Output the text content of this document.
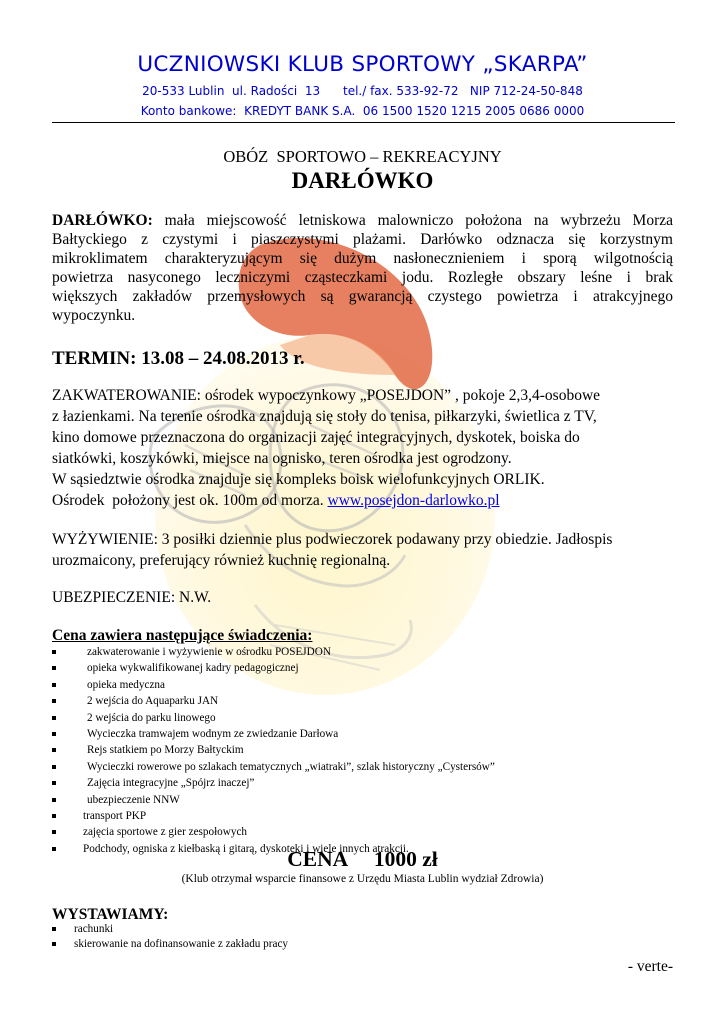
UCZNIOWSKI KLUB SPORTOWY „SKARPA”
20-533 Lublin  ul. Radości  13      tel./ fax. 533-92-72   NIP 712-24-50-848
Konto bankowe:  KREDYT BANK S.A.  06 1500 1520 1215 2005 0686 0000
OBÓZ  SPORTOWO – REKREACYJNY
DARŁÓWKO
DARŁÓWKO: mała miejscowość letniskowa malowniczo położona na wybrzeżu Morza
Bałtyckiego z czystymi i piaszczystymi plażami. Darłówko odznacza się korzystnym
mikroklimatem charakteryzującym się dużym nasłonecznieniem i sporą wilgotnością
powietrza nasyconego leczniczymi cząsteczkami jodu. Rozległe obszary leśne i brak
większych zakładów przemysłowych są gwarancją czystego powietrza i atrakcyjnego
wypoczynku.
TERMIN: 13.08 – 24.08.2013 r.
ZAKWATEROWANIE: ośrodek wypoczynkowy „POSEJDON” , pokoje 2,3,4-osobowe
z łazienkami. Na terenie ośrodka znajdują się stoły do tenisa, piłkarzyki, świetlica z TV,
kino domowe przeznaczona do organizacji zajęć integracyjnych, dyskotek, boiska do
siatkówki, koszykówki, miejsce na ognisko, teren ośrodka jest ogrodzony.
W sąsiedztwie ośrodka znajduje się kompleks boisk wielofunkcyjnych ORLIK.
Ośrodek  położony jest ok. 100m od morza. www.posejdon-darlowko.pl
WYŻYWIENIE: 3 posiłki dziennie plus podwieczorek podawany przy obiedzie. Jadłospis
urozmaicony, preferujący również kuchnię regionalną.
UBEZPIECZENIE: N.W.
Cena zawiera następujące świadczenia:
zakwaterowanie i wyżywienie w ośrodku POSEJDON
opieka wykwalifikowanej kadry pedagogicznej
opieka medyczna
2 wejścia do Aquaparku JAN
2 wejścia do parku linowego
Wycieczka tramwajem wodnym ze zwiedzanie Darłowa
Rejs statkiem po Morzy Bałtyckim
Wycieczki rowerowe po szlakach tematycznych „wiatraki”, szlak historyczny „Cystersów”
Zajęcia integracyjne „Spójrz inaczej”
ubezpieczenie NNW
transport PKP
zajęcia sportowe z gier zespołowych
Podchody, ogniska z kiełbaską i gitarą, dyskoteki i wiele innych atrakcji.
CENA     1000 zł
(Klub otrzymał wsparcie finansowe z Urzędu Miasta Lublin wydział Zdrowia)
WYSTAWIAMY:
rachunki
skierowanie na dofinansowanie z zakładu pracy
- verte-
